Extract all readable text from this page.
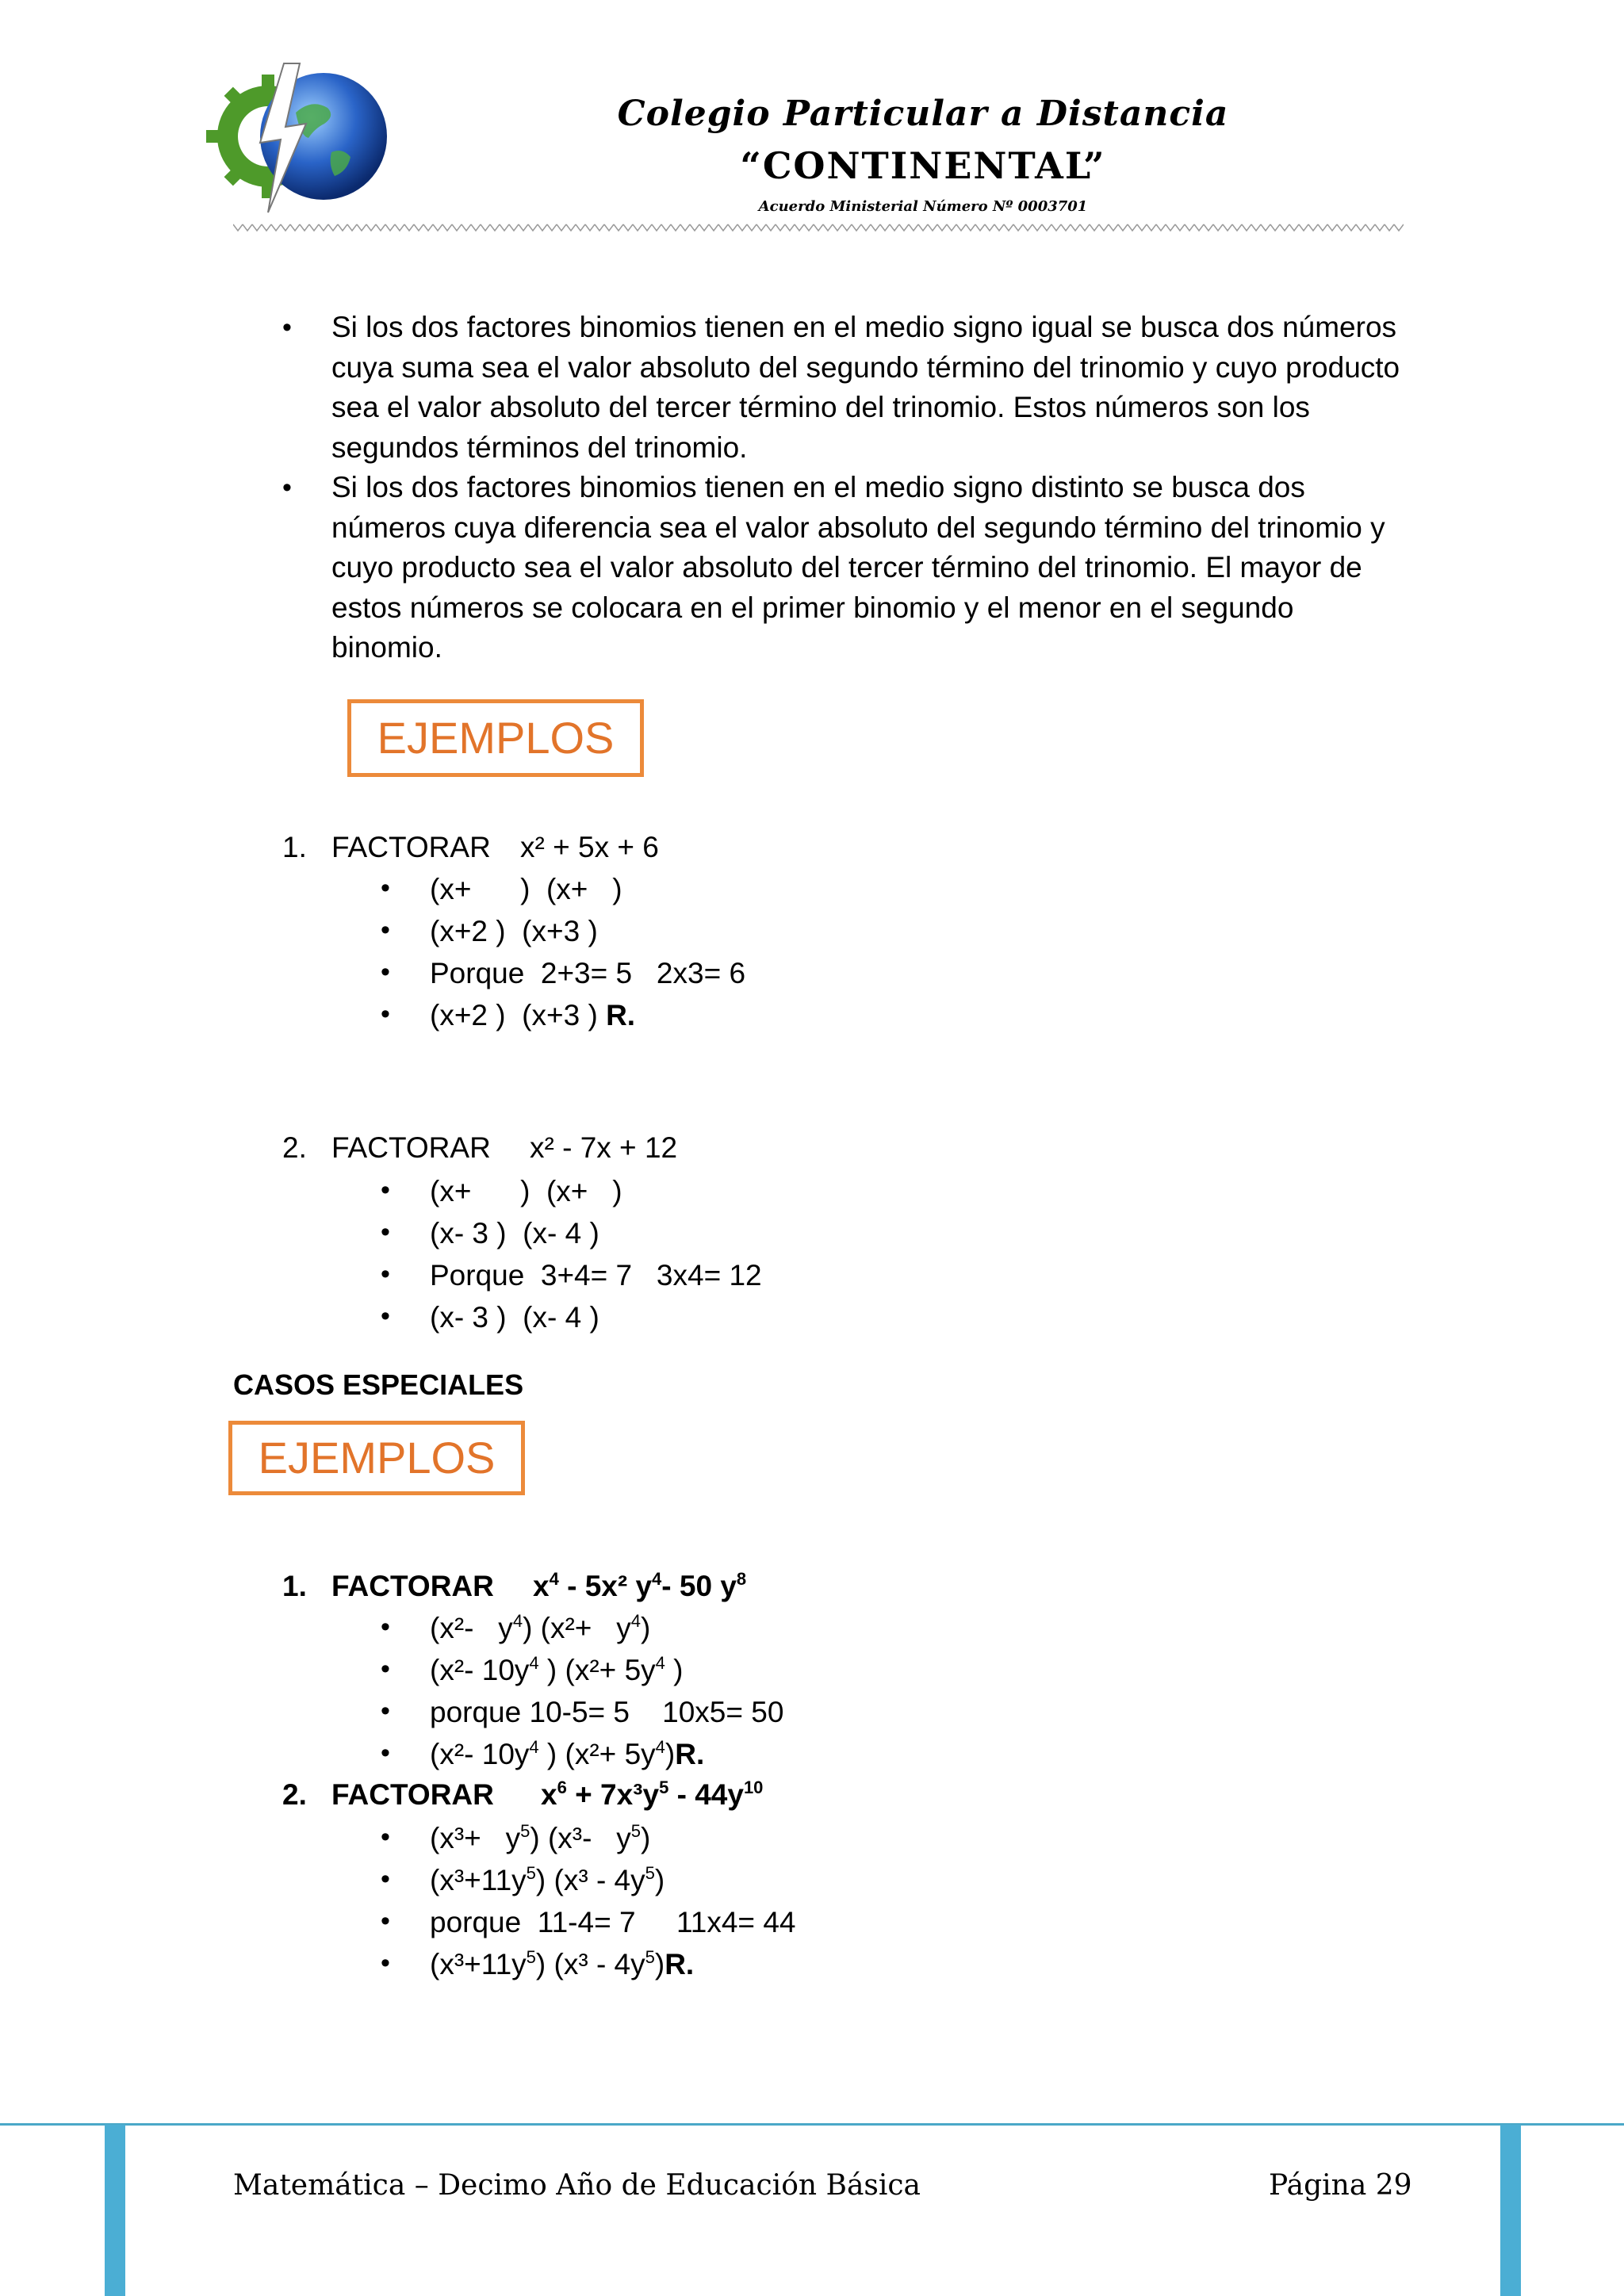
Colegio Particular a Distancia
“CONTINENTAL”
Acuerdo Ministerial Número Nº 0003701
• Si los dos factores binomios tienen en el medio signo igual se busca dos números cuya suma sea el valor absoluto del segundo término del trinomio y cuyo producto sea el valor absoluto del tercer término del trinomio. Estos números son los segundos términos del trinomio.
• Si los dos factores binomios tienen en el medio signo distinto se busca dos números cuya diferencia sea el valor absoluto del segundo término del trinomio y cuyo producto sea el valor absoluto del tercer término del trinomio. El mayor de estos números se colocara en el primer binomio y el menor en el segundo binomio.
EJEMPLOS
1. FACTORAR x² + 5x + 6
• (x+      )  (x+   )
• (x+2 )  (x+3 )
• Porque  2+3= 5   2x3= 6
• (x+2 )  (x+3 ) R.
2. FACTORAR x² - 7x + 12
• (x+      )  (x+   )
• (x- 3 )  (x- 4 )
• Porque  3+4= 7   3x4= 12
• (x- 3 )  (x- 4 )
CASOS ESPECIALES
EJEMPLOS
1. FACTORAR $x^4 - 5x^2$ $y^4-$ 50 $y^8$
• (x²-   $y^4$) $(x^2+ y^4)$
• (x²- $10y^4$ ) ($x^2+ 5y^4$ )
• porque 10-5= 5    10x5= 50
• (x²- $10y^4$ ) $(x^2+ 5y^4)R$.
2. FACTORAR $x^6 + 7x^3y^5 - 44y^{10}$
• $(x^3+ y^5)$ (x³-   $y^5$)
• $(x^3+11y^5)$ $(x^3 - 4y^5)$
• porque  11-4= 7     11x4= 44
• $(x^3+11y^5)$ $(x^3 - 4y^5)R$.
Matemática – Decimo Año de Educación Básica	Página 29
